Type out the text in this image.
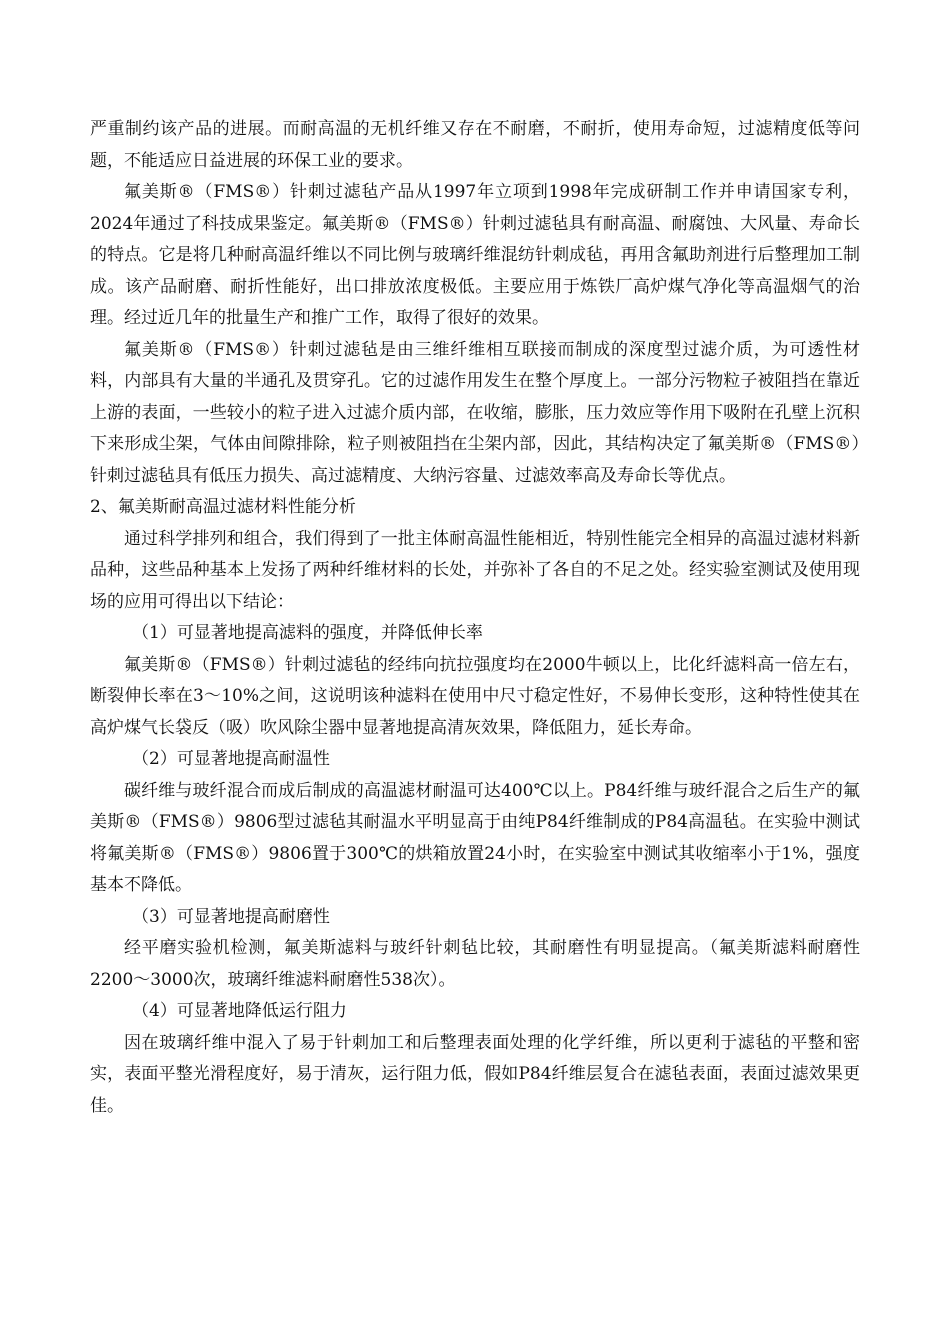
严重制约该产品的进展。而耐高温的无机纤维又存在不耐磨，不耐折，使用寿命短，过滤精度低等问题，不能适应日益进展的环保工业的要求。

氟美斯®（FMS®）针刺过滤毡产品从1997年立项到1998年完成研制工作并申请国家专利，2024年通过了科技成果鉴定。氟美斯®（FMS®）针刺过滤毡具有耐高温、耐腐蚀、大风量、寿命长的特点。它是将几种耐高温纤维以不同比例与玻璃纤维混纺针刺成毡，再用含氟助剂进行后整理加工制成。该产品耐磨、耐折性能好，出口排放浓度极低。主要应用于炼铁厂高炉煤气净化等高温烟气的治理。经过近几年的批量生产和推广工作，取得了很好的效果。

氟美斯®（FMS®）针刺过滤毡是由三维纤维相互联接而制成的深度型过滤介质，为可透性材料，内部具有大量的半通孔及贯穿孔。它的过滤作用发生在整个厚度上。一部分污物粒子被阻挡在靠近上游的表面，一些较小的粒子进入过滤介质内部，在收缩，膨胀，压力效应等作用下吸附在孔壁上沉积下来形成尘架，气体由间隙排除，粒子则被阻挡在尘架内部，因此，其结构决定了氟美斯®（FMS®）针刺过滤毡具有低压力损失、高过滤精度、大纳污容量、过滤效率高及寿命长等优点。

2、氟美斯耐高温过滤材料性能分析

通过科学排列和组合，我们得到了一批主体耐高温性能相近，特别性能完全相异的高温过滤材料新品种，这些品种基本上发扬了两种纤维材料的长处，并弥补了各自的不足之处。经实验室测试及使用现场的应用可得出以下结论：

（1）可显著地提高滤料的强度，并降低伸长率

氟美斯®（FMS®）针刺过滤毡的经纬向抗拉强度均在2000牛顿以上，比化纤滤料高一倍左右，断裂伸长率在3～10%之间，这说明该种滤料在使用中尺寸稳定性好，不易伸长变形，这种特性使其在高炉煤气长袋反（吸）吹风除尘器中显著地提高清灰效果，降低阻力，延长寿命。

（2）可显著地提高耐温性

碳纤维与玻纤混合而成后制成的高温滤材耐温可达400℃以上。P84纤维与玻纤混合之后生产的氟美斯®（FMS®）9806型过滤毡其耐温水平明显高于由纯P84纤维制成的P84高温毡。在实验中测试将氟美斯®（FMS®）9806置于300℃的烘箱放置24小时，在实验室中测试其收缩率小于1%，强度基本不降低。

（3）可显著地提高耐磨性

经平磨实验机检测，氟美斯滤料与玻纤针刺毡比较，其耐磨性有明显提高。（氟美斯滤料耐磨性2200～3000次，玻璃纤维滤料耐磨性538次）。

（4）可显著地降低运行阻力

因在玻璃纤维中混入了易于针刺加工和后整理表面处理的化学纤维，所以更利于滤毡的平整和密实，表面平整光滑程度好，易于清灰，运行阻力低，假如P84纤维层复合在滤毡表面，表面过滤效果更佳。
